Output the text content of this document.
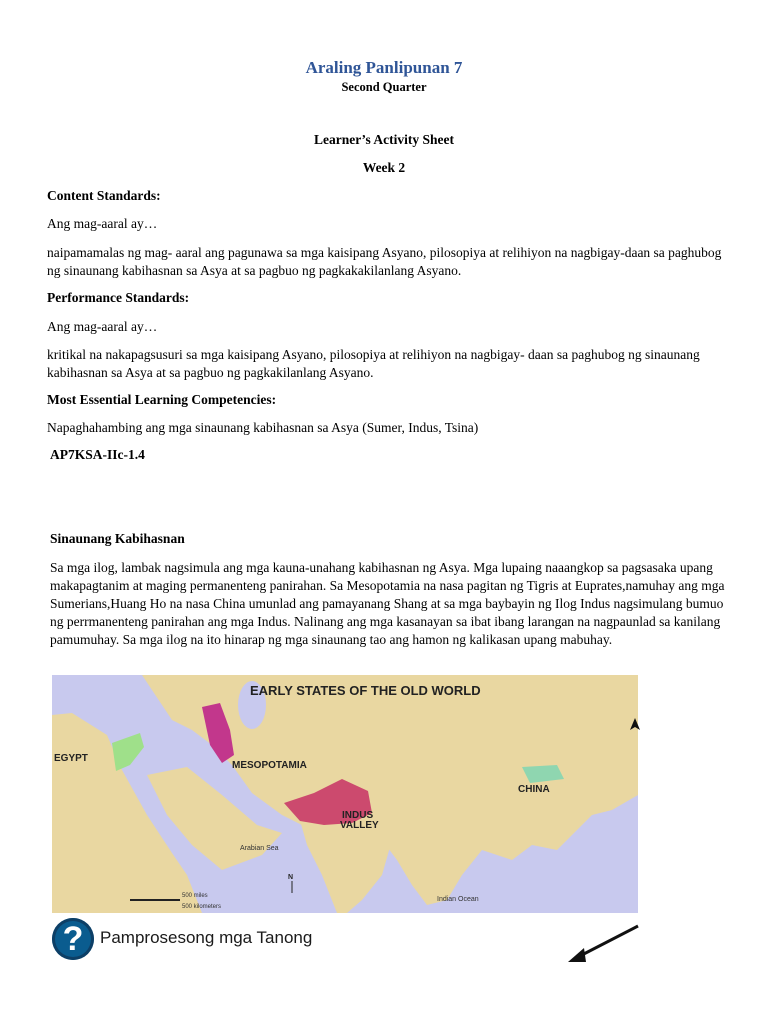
Araling Panlipunan 7
Second Quarter
Learner’s Activity Sheet
Week 2
Content Standards:
Ang mag-aaral ay…
naipamamalas ng mag- aaral ang pagunawa sa mga kaisipang Asyano, pilosopiya at relihiyon na nagbigay-daan sa paghubog ng sinaunang kabihasnan sa Asya at sa pagbuo ng pagkakakilanlang Asyano.
Performance Standards:
Ang mag-aaral ay…
kritikal na nakapagsusuri sa mga kaisipang Asyano, pilosopiya at relihiyon na nagbigay- daan sa paghubog ng sinaunang kabihasnan sa Asya at sa pagbuo ng pagkakilanlang Asyano.
Most Essential Learning Competencies:
Napaghahambing ang mga sinaunang kabihasnan sa Asya (Sumer, Indus, Tsina)
AP7KSA-IIc-1.4
Sinaunang Kabihasnan
Sa mga ilog, lambak nagsimula ang mga kauna-unahang kabihasnan ng Asya. Mga lupaing naaangkop sa pagsasaka upang makapagtanim at maging permanenteng panirahan. Sa Mesopotamia na nasa pagitan ng Tigris at Euprates,namuhay ang mga Sumerians,Huang Ho na nasa China umunlad ang pamayanang Shang at sa mga baybayin ng Ilog Indus nagsimulang bumuo ng perrmanenteng panirahan ang mga Indus. Nalinang ang mga kasanayan sa ibat ibang larangan na nagpaunlad sa kanilang pamumuhay. Sa mga ilog na ito hinarap ng mga sinaunang tao ang hamon ng kalikasan upang mabuhay.
EARLY STATES OF THE OLD WORLD
EGYPT
MESOPOTAMIA
INDUS
VALLEY
CHINA
Arabian Sea
Indian Ocean
N
500 miles
500 kilometers
? Pamprosesong mga Tanong
